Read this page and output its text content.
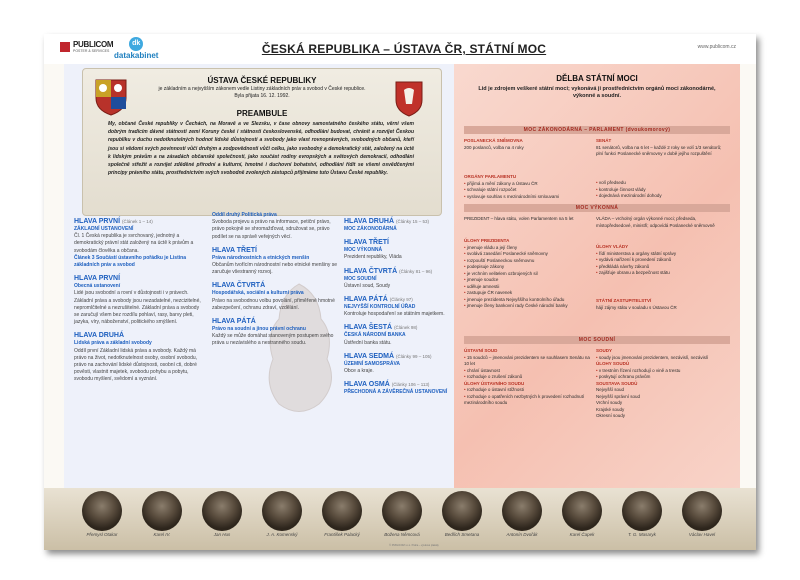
PUBLICOM
POSTER & SERVICES
dk
datakabinet	ČESKÁ REPUBLIKA – ÚSTAVA ČR, STÁTNÍ MOC	www.publicom.cz
ÚSTAVA ČESKÉ REPUBLIKY
je základním a nejvyšším zákonem vedle Listiny základních práv a svobod v České republice. Byla přijata 16. 12. 1992.
PREAMBULE
My, občané České republiky v Čechách, na Moravě a ve Slezsku, v čase obnovy samostatného českého státu, věrni všem dobrým tradicím dávné státnosti zemí Koruny české i státnosti československé, odhodláni budovat, chránit a rozvíjet Českou republiku v duchu nedotknutelných hodnot lidské důstojnosti a svobody jako vlast rovnoprávných, svobodných občanů, kteří jsou si vědomi svých povinností vůči druhým a zodpovědnosti vůči celku, jako svobodný a demokratický stát, založený na úctě k lidským právům a na zásadách občanské společnosti, jako součást rodiny evropských a světových demokracií, odhodláni společně střežit a rozvíjet zděděné přírodní a kulturní, hmotné i duchovní bohatství, odhodláni řídit se všemi osvědčenými principy právního státu, prostřednictvím svých svobodně zvolených zástupců přijímáme tuto Ústavu České republiky.
HLAVA PRVNÍ (Článek 1 – 14)
ZÁKLADNÍ USTANOVENÍ
Čl. 1 Česká republika je svrchovaný, jednotný a demokratický právní stát založený na úctě k právům a svobodám člověka a občana.
Článek 3 Součástí ústavního pořádku je Listina základních práv a svobod
HLAVA PRVNÍ
Obecná ustanovení
Lidé jsou svobodní a rovní v důstojnosti i v právech. Základní práva a svobody jsou nezadatelné, nezcizitelné, nepromlčitelné a nezrušitelné. Základní práva a svobody se zaručují všem bez rozdílu pohlaví, rasy, barvy pleti, jazyka, víry, náboženství, politického smýšlení.
HLAVA DRUHÁ
Lidská práva a základní svobody
Oddíl první Základní lidská práva a svobody. Každý má právo na život, nedotknutelnost osoby, osobní svobodu, právo na zachování lidské důstojnosti, osobní cti, dobré pověsti, vlastnit majetek, svobodu pohybu a pobytu, svobodu myšlení, svědomí a vyznání.
Oddíl druhý Politická práva
Svoboda projevu a právo na informace, petiční právo, právo pokojně se shromažďovat, sdružovat se, právo podílet se na správě veřejných věcí.
HLAVA TŘETÍ
Práva národnostních a etnických menšin
Občanům tvořícím národnostní nebo etnické menšiny se zaručuje všestranný rozvoj.
HLAVA ČTVRTÁ
Hospodářská, sociální a kulturní práva
Právo na svobodnou volbu povolání, přiměřené hmotné zabezpečení, ochranu zdraví, vzdělání.
HLAVA PÁTÁ
Právo na soudní a jinou právní ochranu
Každý se může domáhat stanoveným postupem svého práva u nezávislého a nestranného soudu.
HLAVA DRUHÁ (Články 15 – 53)
MOC ZÁKONODÁRNÁ
HLAVA TŘETÍ
MOC VÝKONNÁ
Prezident republiky, Vláda
HLAVA ČTVRTÁ (Články 81 – 96)
MOC SOUDNÍ
Ústavní soud, Soudy
HLAVA PÁTÁ (Články 97)
NEJVYŠŠÍ KONTROLNÍ ÚŘAD
Kontroluje hospodaření se státním majetkem.
HLAVA ŠESTÁ (Článek 98)
ČESKÁ NÁRODNÍ BANKA
Ústřední banka státu.
HLAVA SEDMÁ (Články 99 – 105)
ÚZEMNÍ SAMOSPRÁVA
Obce a kraje.
HLAVA OSMÁ (Články 106 – 113)
PŘECHODNÁ A ZÁVĚREČNÁ USTANOVENÍ
DĚLBA STÁTNÍ MOCI
Lid je zdrojem veškeré státní moci; vykonává ji prostřednictvím orgánů moci zákonodárné, výkonné a soudní.
MOC ZÁKONODÁRNÁ – PARLAMENT (dvoukomorový)
POSLANECKÁ SNĚMOVNA
200 poslanců, volba na 4 roky
SENÁT
81 senátorů, volba na 6 let – každé 2 roky se volí 1/3 senátorů; plní funkci Poslanecké sněmovny v době jejího rozpuštění
ORGÁNY PARLAMENTU
• přijímá a mění zákony a Ústavu ČR
• schvaluje státní rozpočet
• vyslovuje souhlas s mezinárodními smlouvami
• volí předsedu
• kontroluje činnost vlády
• dojednává mezinárodní dohody
MOC VÝKONNÁ
PREZIDENT – hlava státu, volen Parlamentem na 5 let	VLÁDA – vrcholný orgán výkonné moci; předseda, místopředsedové, ministři; odpovídá Poslanecké sněmovně
ÚLOHY PREZIDENTA
• jmenuje vládu a její členy
• svolává zasedání Poslanecké sněmovny
• rozpouští Poslaneckou sněmovnu
• podepisuje zákony
• je vrchním velitelem ozbrojených sil
• jmenuje soudce
• uděluje amnestii
• zastupuje ČR navenek
• jmenuje prezidenta Nejvyššího kontrolního úřadu
• jmenuje členy bankovní rady České národní banky
ÚLOHY VLÁDY
• řídí ministerstva a orgány státní správy
• vydává nařízení k provedení zákonů
• předkládá návrhy zákonů
• zajišťuje obranu a bezpečnost státu
STÁTNÍ ZASTUPITELSTVÍ
hájí zájmy státu v souladu s Ústavou ČR
MOC SOUDNÍ
ÚSTAVNÍ SOUD
• 15 soudců – jmenováni prezidentem se souhlasem Senátu na 10 let
• chrání ústavnost
• rozhoduje o zrušení zákonů
ÚLOHY ÚSTAVNÍHO SOUDU
• rozhoduje o ústavní stížnosti
• rozhoduje o opatřeních nezbytných k provedení rozhodnutí mezinárodního soudu
SOUDY
• soudy jsou jmenováni prezidentem, nezávislí, nezávislí
ÚLOHY SOUDŮ
• v trestním řízení rozhodují o vině a trestu
• poskytují ochranu právům
SOUSTAVA SOUDŮ
Nejvyšší soud
Nejvyšší správní soud
Vrchní soudy
Krajské soudy
Okresní soudy
Přemysl Otakar	Karel IV.	Jan Hus	J. A. Komenský	František Palacký	Božena Němcová	Bedřich Smetana	Antonín Dvořák	Karel Čapek	T. G. Masaryk	Václav Havel
© PUBLICOM s.r.o. Praha – výukové plakáty
